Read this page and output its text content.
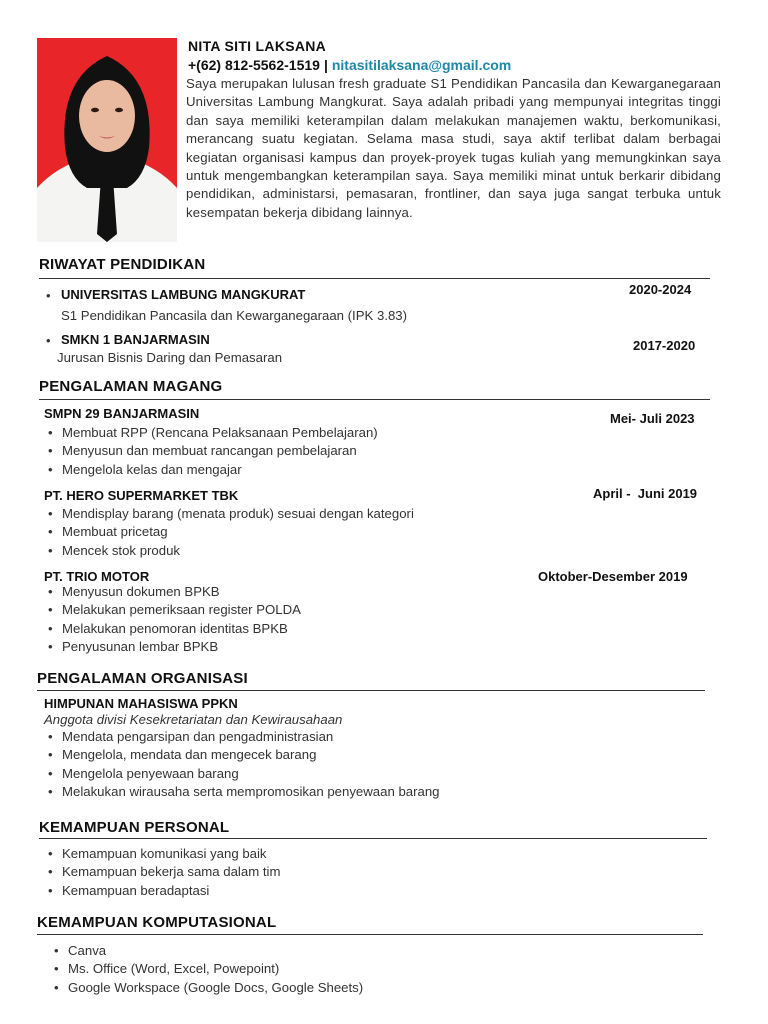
NITA SITI LAKSANA
+(62) 812-5562-1519 | nitasitilaksana@gmail.com
Saya merupakan lulusan fresh graduate S1 Pendidikan Pancasila dan Kewarganegaraan Universitas Lambung Mangkurat. Saya adalah pribadi yang mempunyai integritas tinggi dan saya memiliki keterampilan dalam melakukan manajemen waktu, berkomunikasi, merancang suatu kegiatan. Selama masa studi, saya aktif terlibat dalam berbagai kegiatan organisasi kampus dan proyek-proyek tugas kuliah yang memungkinkan saya untuk mengembangkan keterampilan saya. Saya memiliki minat untuk berkarir dibidang pendidikan, administarsi, pemasaran, frontliner, dan saya juga sangat terbuka untuk kesempatan bekerja dibidang lainnya.
RIWAYAT PENDIDIKAN
• UNIVERSITAS LAMBUNG MANGKURAT	2020-2024
S1 Pendidikan Pancasila dan Kewarganegaraan (IPK 3.83)
• SMKN 1 BANJARMASIN	2017-2020
Jurusan Bisnis Daring dan Pemasaran
PENGALAMAN MAGANG
SMPN 29 BANJARMASIN	Mei- Juli 2023
• Membuat RPP (Rencana Pelaksanaan Pembelajaran)
• Menyusun dan membuat rancangan pembelajaran
• Mengelola kelas dan mengajar
PT. HERO SUPERMARKET TBK	April -  Juni 2019
• Mendisplay barang (menata produk) sesuai dengan kategori
• Membuat pricetag
• Mencek stok produk
PT. TRIO MOTOR	Oktober-Desember 2019
• Menyusun dokumen BPKB
• Melakukan pemeriksaan register POLDA
• Melakukan penomoran identitas BPKB
• Penyusunan lembar BPKB
PENGALAMAN ORGANISASI
HIMPUNAN MAHASISWA PPKN
Anggota divisi Kesekretariatan dan Kewirausahaan
• Mendata pengarsipan dan pengadministrasian
• Mengelola, mendata dan mengecek barang
• Mengelola penyewaan barang
• Melakukan wirausaha serta mempromosikan penyewaan barang
KEMAMPUAN PERSONAL
• Kemampuan komunikasi yang baik
• Kemampuan bekerja sama dalam tim
• Kemampuan beradaptasi
KEMAMPUAN KOMPUTASIONAL
• Canva
• Ms. Office (Word, Excel, Powepoint)
• Google Workspace (Google Docs, Google Sheets)
